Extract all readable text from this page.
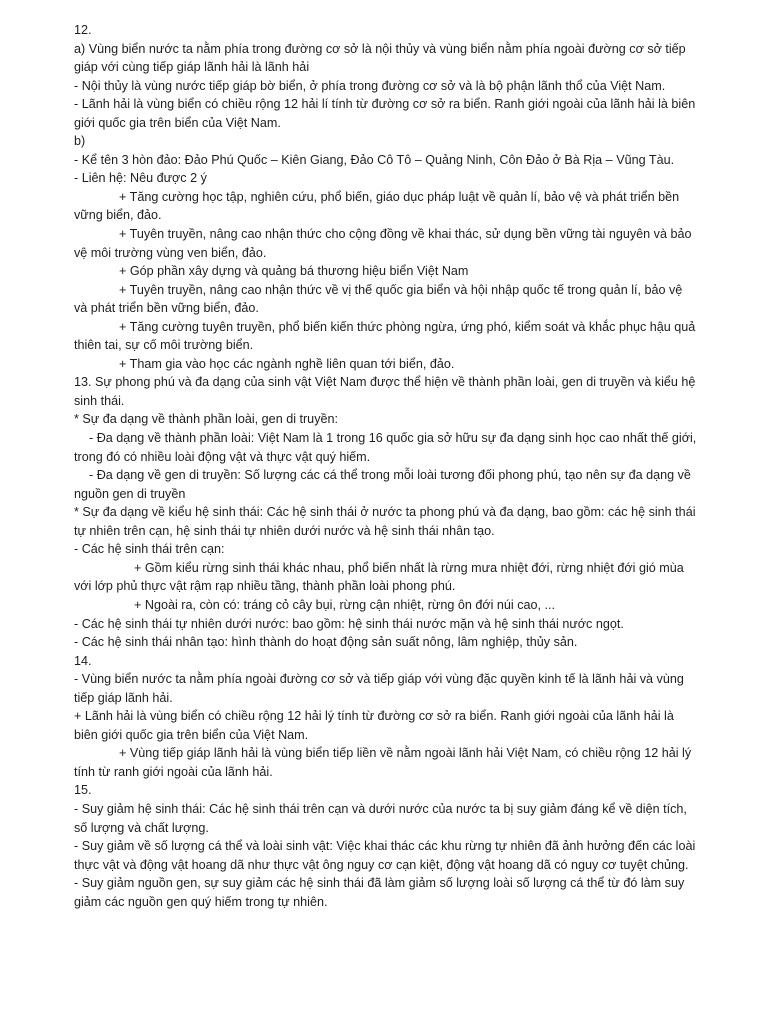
12.

a) Vùng biển nước ta nằm phía trong đường cơ sở là nội thủy và vùng biển nằm phía ngoài đường cơ sở tiếp giáp với cùng tiếp giáp lãnh hải là lãnh hải

- Nội thủy là vùng nước tiếp giáp bờ biển, ở phía trong đường cơ sở và là bộ phận lãnh thổ của Việt Nam.

- Lãnh hải là vùng biển có chiều rộng 12 hải lí tính từ đường cơ sở ra biển. Ranh giới ngoài của lãnh hải là biên giới quốc gia trên biển của Việt Nam.

b)

- Kể tên 3 hòn đảo: Đảo Phú Quốc – Kiên Giang, Đảo Cô Tô – Quảng Ninh, Côn Đảo ở Bà Rịa – Vũng Tàu.

- Liên hệ: Nêu được 2 ý

+ Tăng cường học tập, nghiên cứu, phổ biến, giáo dục pháp luật về quản lí, bảo vệ và phát triển bền vững biển, đảo.

+ Tuyên truyền, nâng cao nhận thức cho cộng đồng về khai thác, sử dụng bền vững tài nguyên và bảo vệ môi trường vùng ven biển, đảo.

+ Góp phần xây dựng và quảng bá thương hiệu biển Việt Nam

+ Tuyên truyền, nâng cao nhận thức về vị thế quốc gia biển và hội nhập quốc tế trong quản lí, bảo vệ và phát triển bền vững biển, đảo.

+ Tăng cường tuyên truyền, phổ biến kiến thức phòng ngừa, ứng phó, kiểm soát và khắc phục hậu quả thiên tai, sự cố môi trường biển.

+ Tham gia vào học các ngành nghề liên quan tới biển, đảo.

13. Sự phong phú và đa dạng của sinh vật Việt Nam được thể hiện về thành phần loài, gen di truyền và kiểu hệ sinh thái.

* Sự đa dạng về thành phần loài, gen di truyền:

- Đa dạng về thành phần loài: Việt Nam là 1 trong 16 quốc gia sở hữu sự đa dạng sinh học cao nhất thế giới, trong đó có nhiều loài động vật và thực vật quý hiếm.

- Đa dạng về gen di truyền: Số lượng các cá thể trong mỗi loài tương đối phong phú, tạo nên sự đa dạng về nguồn gen di truyền

* Sự đa dạng về kiểu hệ sinh thái: Các hệ sinh thái ở nước ta phong phú và đa dạng, bao gồm: các hệ sinh thái tự nhiên trên cạn, hệ sinh thái tự nhiên dưới nước và hệ sinh thái nhân tạo.

- Các hệ sinh thái trên cạn:

+ Gồm kiểu rừng sinh thái khác nhau, phổ biến nhất là rừng mưa nhiệt đới, rừng nhiệt đới gió mùa với lớp phủ thực vật rậm rạp nhiều tầng, thành phần loài phong phú.

+ Ngoài ra, còn có: tráng cỏ cây bụi, rừng cận nhiệt, rừng ôn đới núi cao, ...

- Các hệ sinh thái tự nhiên dưới nước: bao gồm: hệ sinh thái nước mặn và hệ sinh thái nước ngọt.

- Các hệ sinh thái nhân tạo: hình thành do hoạt động sản suất nông, lâm nghiệp, thủy sản.

14.

- Vùng biển nước ta nằm phía ngoài đường cơ sở và tiếp giáp với vùng đặc quyền kinh tế là lãnh hải và vùng tiếp giáp lãnh hải.

+ Lãnh hải là vùng biển có chiều rộng 12 hải lý tính từ đường cơ sở ra biển. Ranh giới ngoài của lãnh hải là biên giới quốc gia trên biển của Việt Nam.

+ Vùng tiếp giáp lãnh hải là vùng biển tiếp liền về nằm ngoài lãnh hải Việt Nam, có chiều rộng 12 hải lý tính từ ranh giới ngoài của lãnh hải.

15.

- Suy giảm hệ sinh thái: Các hệ sinh thái trên cạn và dưới nước của nước ta bị suy giảm đáng kể về diện tích, số lượng và chất lượng.

- Suy giảm về số lượng cá thể và loài sinh vật: Việc khai thác các khu rừng tự nhiên đã ảnh hưởng đến các loài thực vật và động vật hoang dã như thực vật ông nguy cơ cạn kiệt, động vật hoang dã có nguy cơ tuyệt chủng.

- Suy giảm nguồn gen, sự suy giảm các hệ sinh thái đã làm giảm số lượng loài số lượng cá thể từ đó làm suy giảm các nguồn gen quý hiếm trong tự nhiên.
